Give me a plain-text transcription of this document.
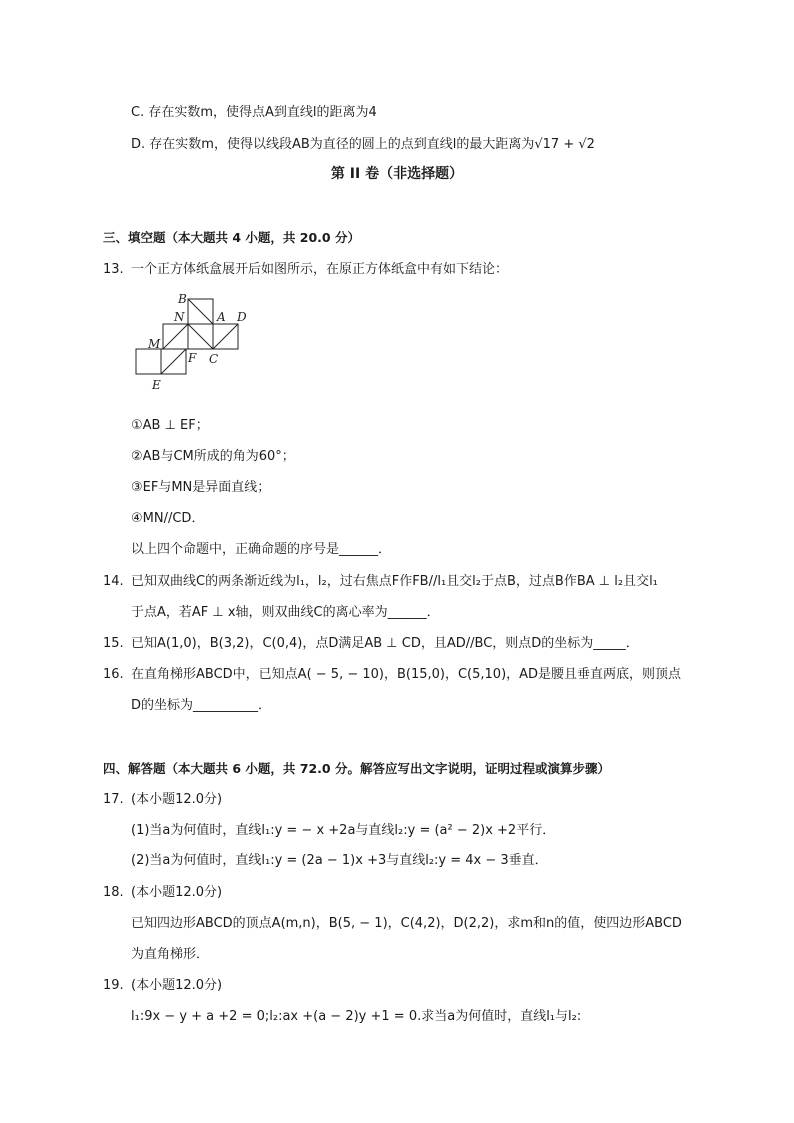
C. 存在实数m，使得点A到直线l的距离为4
D. 存在实数m，使得以线段AB为直径的圆上的点到直线l的最大距离为√17 + √2
第 II 卷（非选择题）
三、填空题（本大题共 4 小题，共 20.0 分）
13. 一个正方体纸盒展开后如图所示，在原正方体纸盒中有如下结论：
B
N	A D
M
F C
E
①AB ⊥ EF；
②AB与CM所成的角为60°；
③EF与MN是异面直线；
④MN//CD．
以上四个命题中，正确命题的序号是______．
14. 已知双曲线C的两条渐近线为l₁，l₂，过右焦点F作FB//l₁且交l₂于点B，过点B作BA ⊥ l₂且交l₁
于点A，若AF ⊥ x轴，则双曲线C的离心率为______．
15. 已知A(1,0)，B(3,2)，C(0,4)，点D满足AB ⊥ CD，且AD//BC，则点D的坐标为_____．
16. 在直角梯形ABCD中，已知点A( − 5, − 10)，B(15,0)，C(5,10)，AD是腰且垂直两底，则顶点
D的坐标为__________．
四、解答题（本大题共 6 小题，共 72.0 分。解答应写出文字说明，证明过程或演算步骤）
17. (本小题12.0分)
(1)当a为何值时，直线l₁:y = − x +2a与直线l₂:y = (a² − 2)x +2平行．
(2)当a为何值时，直线l₁:y = (2a − 1)x +3与直线l₂:y = 4x − 3垂直．
18. (本小题12.0分)
已知四边形ABCD的顶点A(m,n)，B(5, − 1)，C(4,2)，D(2,2)，求m和n的值，使四边形ABCD
为直角梯形．
19. (本小题12.0分)
l₁:9x − y + a +2 = 0;l₂:ax +(a − 2)y +1 = 0.求当a为何值时，直线l₁与l₂:
